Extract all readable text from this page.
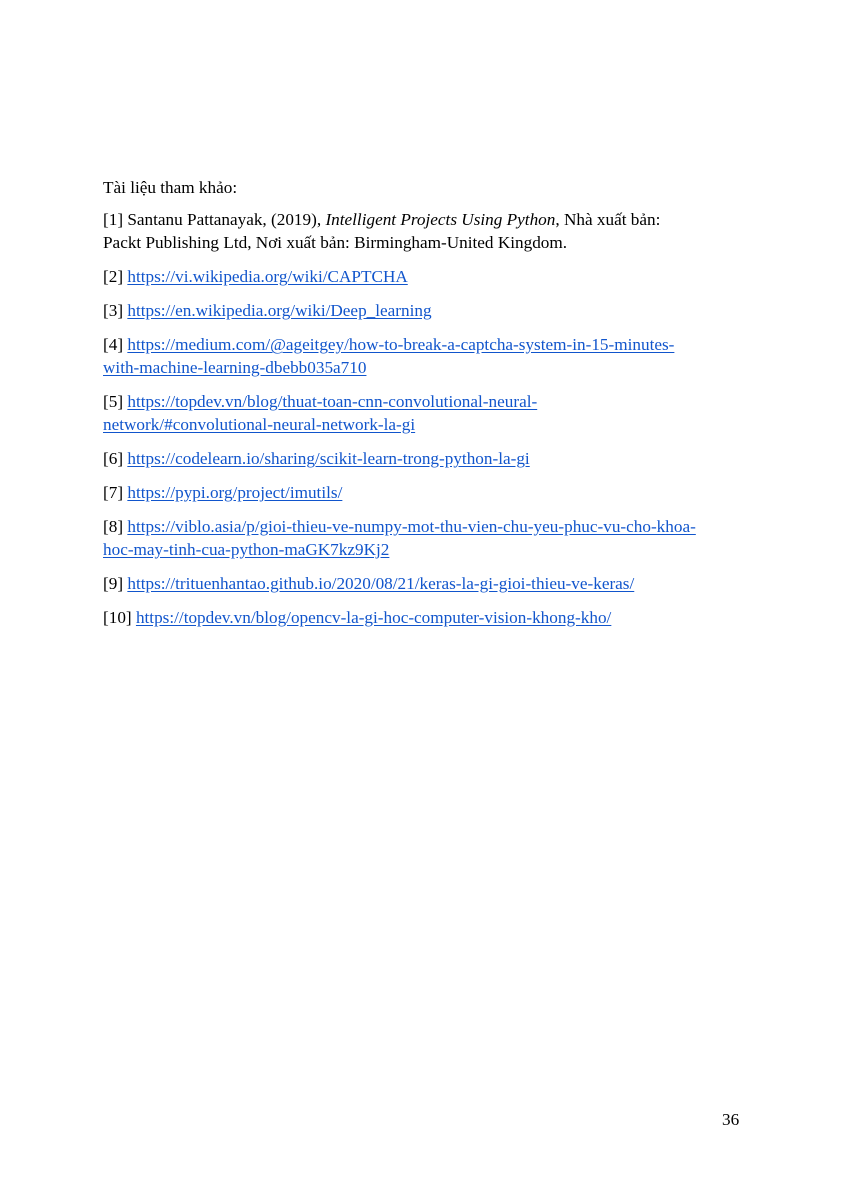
Tài liệu tham khảo:

[1] Santanu Pattanayak, (2019), Intelligent Projects Using Python, Nhà xuất bản:
Packt Publishing Ltd, Nơi xuất bản: Birmingham-United Kingdom.

[2] https://vi.wikipedia.org/wiki/CAPTCHA

[3] https://en.wikipedia.org/wiki/Deep_learning

[4] https://medium.com/@ageitgey/how-to-break-a-captcha-system-in-15-minutes-
with-machine-learning-dbebb035a710

[5] https://topdev.vn/blog/thuat-toan-cnn-convolutional-neural-
network/#convolutional-neural-network-la-gi

[6] https://codelearn.io/sharing/scikit-learn-trong-python-la-gi

[7] https://pypi.org/project/imutils/

[8] https://viblo.asia/p/gioi-thieu-ve-numpy-mot-thu-vien-chu-yeu-phuc-vu-cho-khoa-
hoc-may-tinh-cua-python-maGK7kz9Kj2

[9] https://trituenhantao.github.io/2020/08/21/keras-la-gi-gioi-thieu-ve-keras/

[10] https://topdev.vn/blog/opencv-la-gi-hoc-computer-vision-khong-kho/

36
